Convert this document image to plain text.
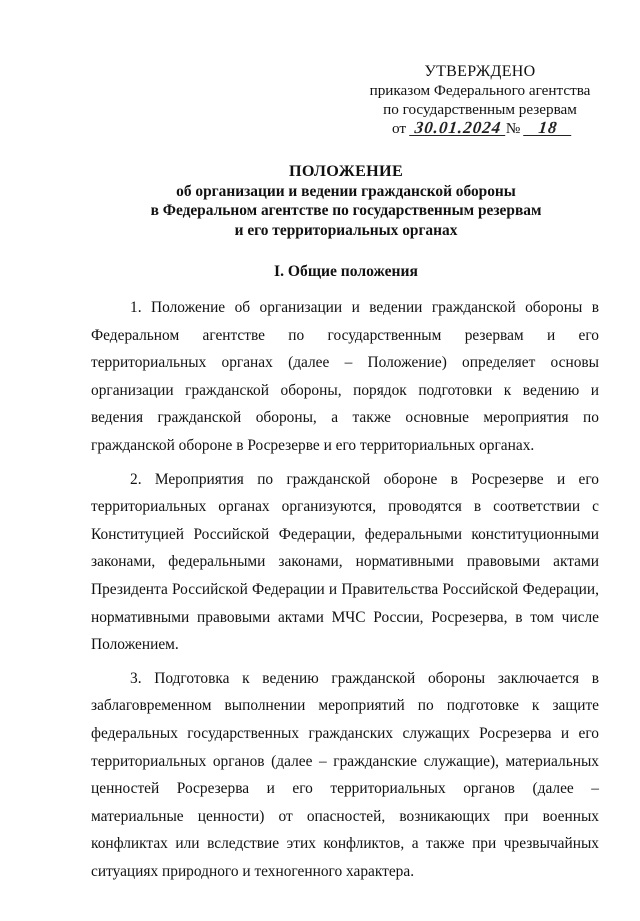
УТВЕРЖДЕНО
приказом Федерального агентства
по государственным резервам
от 30.01.2024 № 18
ПОЛОЖЕНИЕ
об организации и ведении гражданской обороны
в Федеральном агентстве по государственным резервам
и его территориальных органах
I. Общие положения

1. Положение об организации и ведении гражданской обороны в Федеральном агентстве по государственным резервам и его территориальных органах (далее – Положение) определяет основы организации гражданской обороны, порядок подготовки к ведению и ведения гражданской обороны, а также основные мероприятия по гражданской обороне в Росрезерве и его территориальных органах.

2. Мероприятия по гражданской обороне в Росрезерве и его территориальных органах организуются, проводятся в соответствии с Конституцией Российской Федерации, федеральными конституционными законами, федеральными законами, нормативными правовыми актами Президента Российской Федерации и Правительства Российской Федерации, нормативными правовыми актами МЧС России, Росрезерва, в том числе Положением.

3. Подготовка к ведению гражданской обороны заключается в заблаговременном выполнении мероприятий по подготовке к защите федеральных государственных гражданских служащих Росрезерва и его территориальных органов (далее – гражданские служащие), материальных ценностей Росрезерва и его территориальных органов (далее – материальные ценности) от опасностей, возникающих при военных конфликтах или вследствие этих конфликтов, а также при чрезвычайных ситуациях природного и техногенного характера.
